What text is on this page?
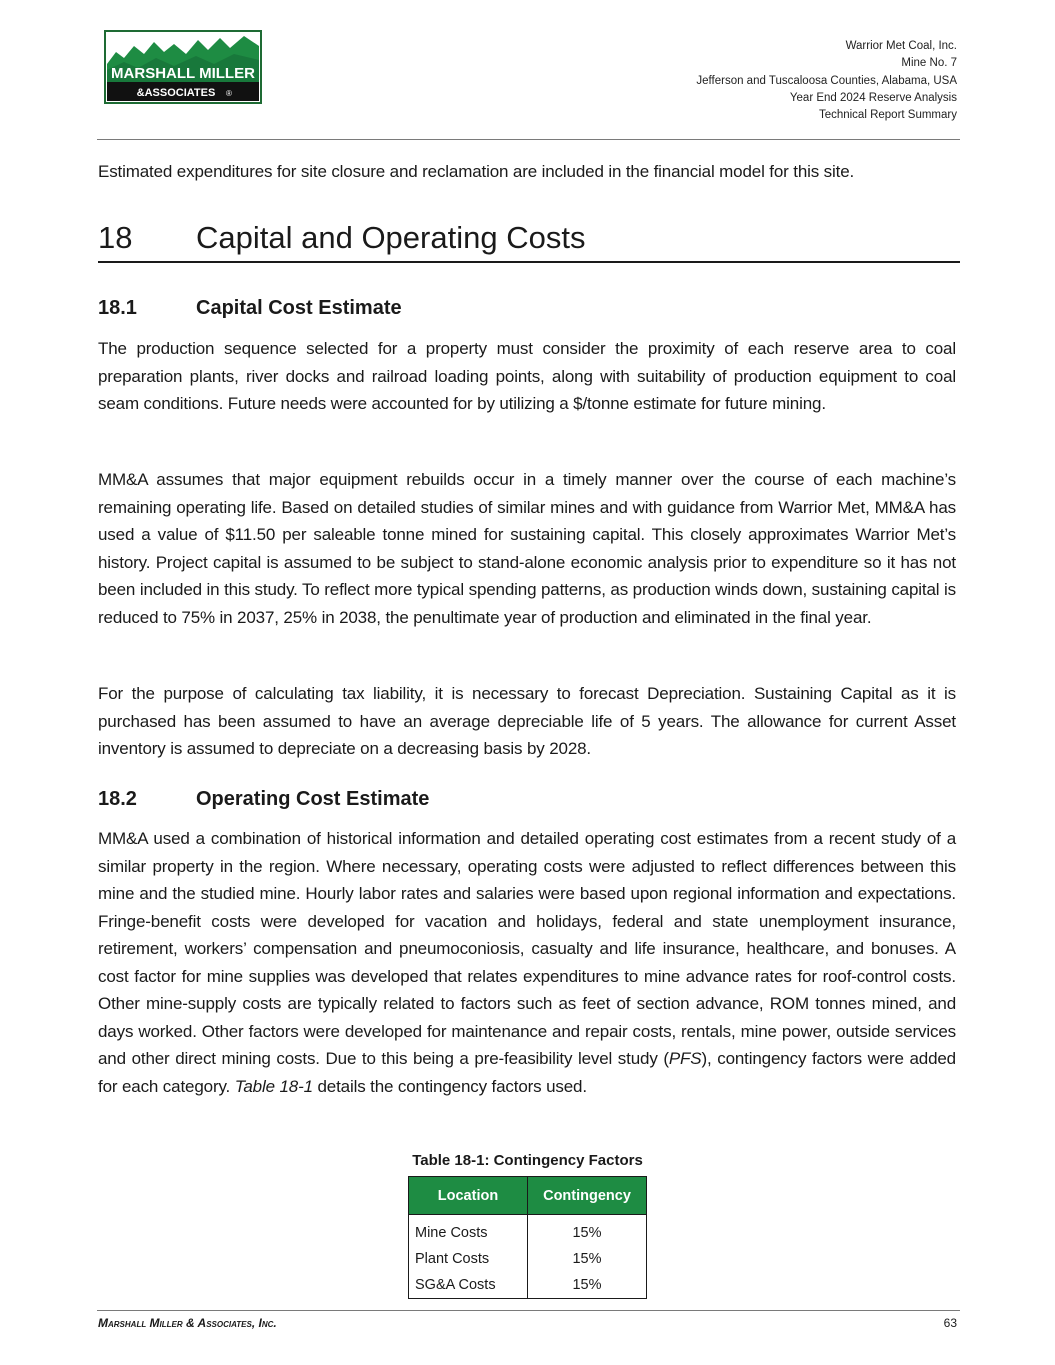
MARSHALL MILLER
&ASSOCIATES ®
Warrior Met Coal, Inc.
Mine No. 7
Jefferson and Tuscaloosa Counties, Alabama, USA
Year End 2024 Reserve Analysis
Technical Report Summary

Estimated expenditures for site closure and reclamation are included in the financial model for this site.

18 Capital and Operating Costs
18.1	Capital Cost Estimate

The production sequence selected for a property must consider the proximity of each reserve area to coal preparation plants, river docks and railroad loading points, along with suitability of production equipment to coal seam conditions. Future needs were accounted for by utilizing a $/tonne estimate for future mining.

MM&A assumes that major equipment rebuilds occur in a timely manner over the course of each machine’s remaining operating life. Based on detailed studies of similar mines and with guidance from Warrior Met, MM&A has used a value of $11.50 per saleable tonne mined for sustaining capital. This closely approximates Warrior Met’s history. Project capital is assumed to be subject to stand-alone economic analysis prior to expenditure so it has not been included in this study. To reflect more typical spending patterns, as production winds down, sustaining capital is reduced to 75% in 2037, 25% in 2038, the penultimate year of production and eliminated in the final year.

For the purpose of calculating tax liability, it is necessary to forecast Depreciation. Sustaining Capital as it is purchased has been assumed to have an average depreciable life of 5 years. The allowance for current Asset inventory is assumed to depreciate on a decreasing basis by 2028.

18.2	Operating Cost Estimate

MM&A used a combination of historical information and detailed operating cost estimates from a recent study of a similar property in the region. Where necessary, operating costs were adjusted to reflect differences between this mine and the studied mine. Hourly labor rates and salaries were based upon regional information and expectations. Fringe-benefit costs were developed for vacation and holidays, federal and state unemployment insurance, retirement, workers’ compensation and pneumoconiosis, casualty and life insurance, healthcare, and bonuses. A cost factor for mine supplies was developed that relates expenditures to mine advance rates for roof-control costs. Other mine-supply costs are typically related to factors such as feet of section advance, ROM tonnes mined, and days worked. Other factors were developed for maintenance and repair costs, rentals, mine power, outside services and other direct mining costs. Due to this being a pre-feasibility level study (PFS), contingency factors were added for each category. Table 18-1 details the contingency factors used.

Table 18-1: Contingency Factors
Location	Contingency

Mine Costs	15%
Plant Costs	15%
SG&A Costs	15%
Marshall Miller & Associates, Inc.	63
